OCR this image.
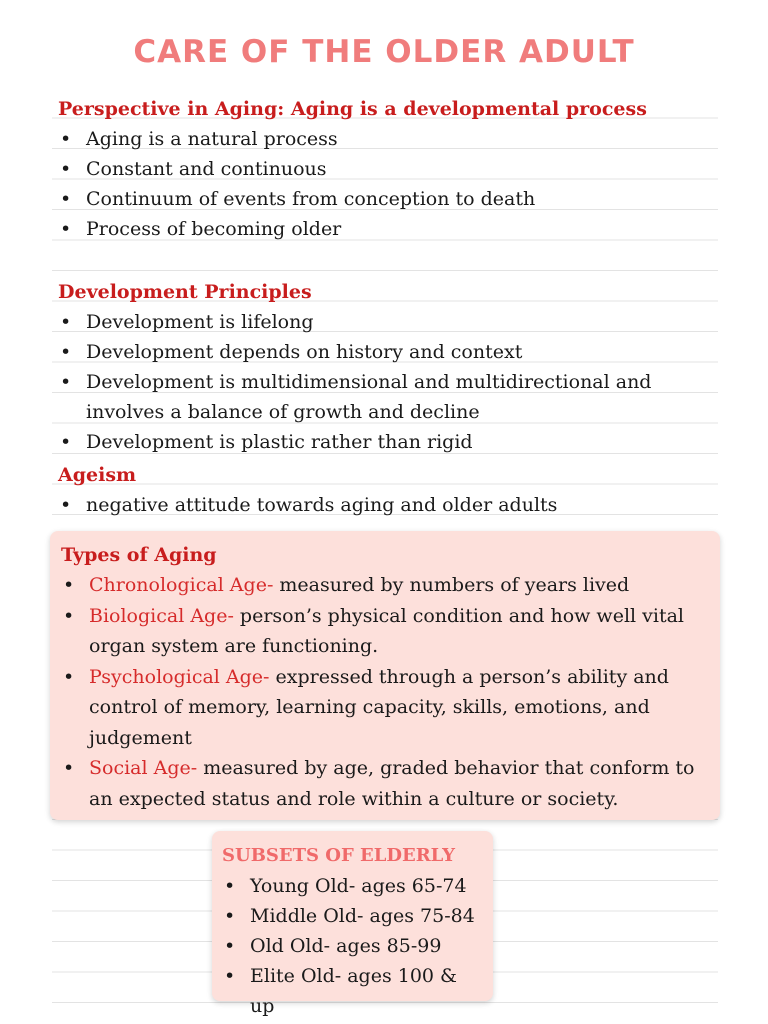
CARE OF THE OLDER ADULT
Perspective in Aging: Aging is a developmental process
• Aging is a natural process
• Constant and continuous
• Continuum of events from conception to death
• Process of becoming older
Development Principles
• Development is lifelong
• Development depends on history and context
• Development is multidimensional and multidirectional and involves a balance of growth and decline
• Development is plastic rather than rigid
Ageism
• negative attitude towards aging and older adults
Types of Aging
• Chronological Age- measured by numbers of years lived
• Biological Age- person’s physical condition and how well vital organ system are functioning.
• Psychological Age- expressed through a person’s ability and control of memory, learning capacity, skills, emotions, and judgement
• Social Age- measured by age, graded behavior that conform to an expected status and role within a culture or society.
SUBSETS OF ELDERLY
• Young Old- ages 65-74
• Middle Old- ages 75-84
• Old Old- ages 85-99
• Elite Old- ages 100 & up
